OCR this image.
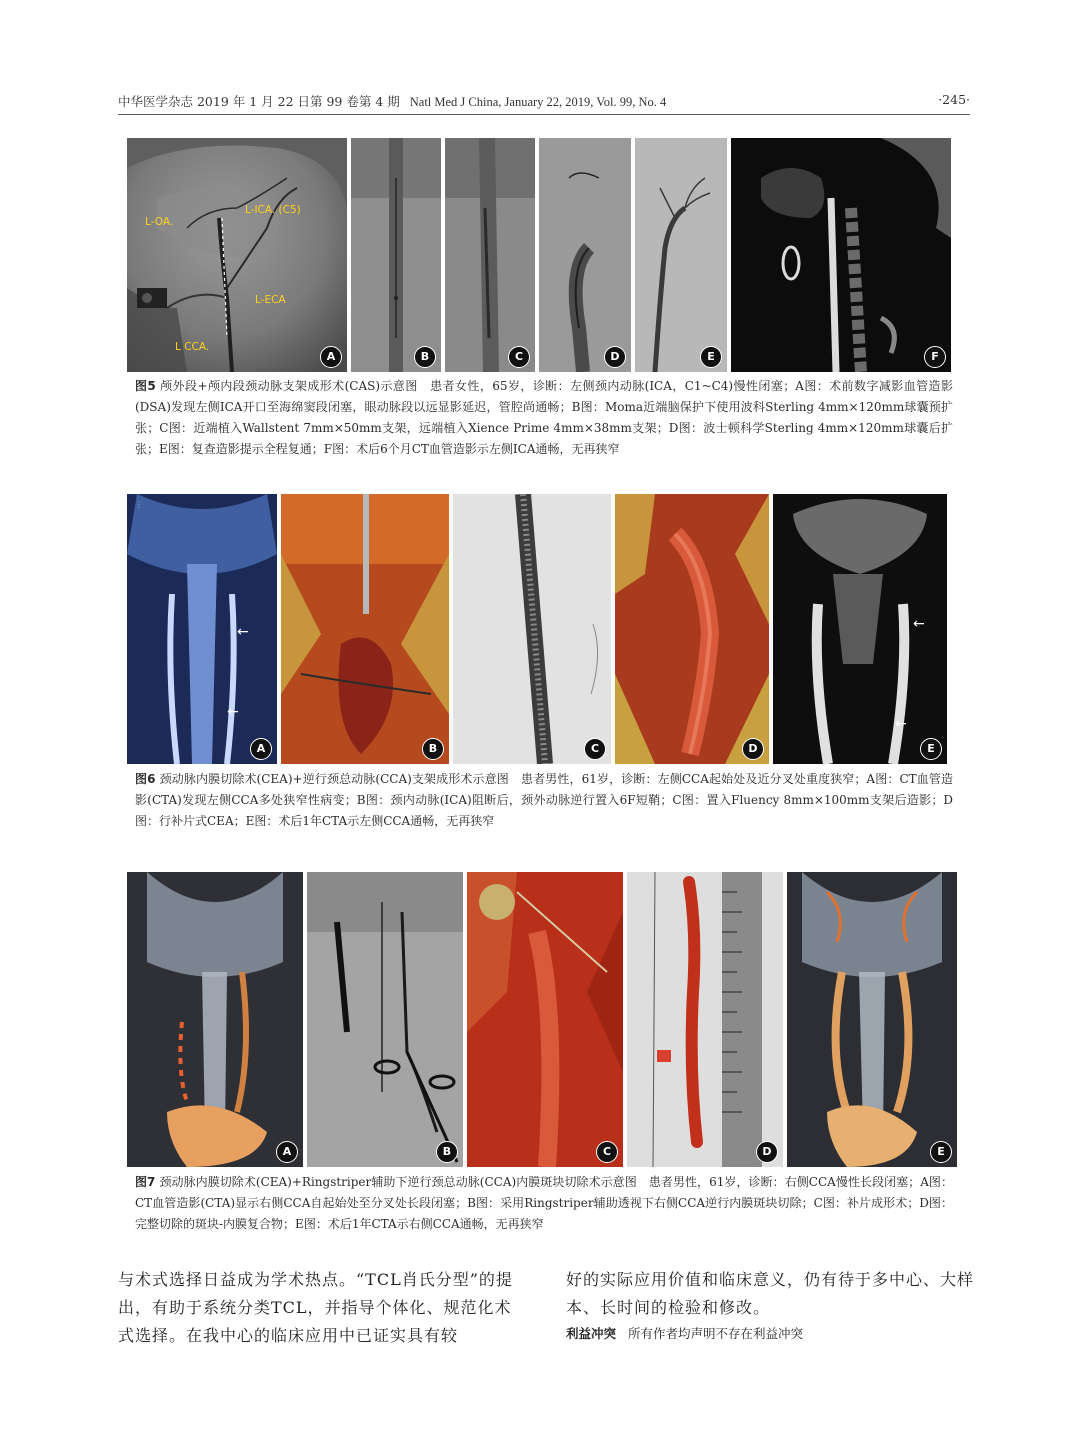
中华医学杂志 2019 年 1 月 22 日第 99 卷第 4 期 Natl Med J China, January 22, 2019, Vol. 99, No. 4	·245·
L-OA.
L-ICA. (C5)
L-ECA
L CCA.
A	B	C	D	E	F
图5 颅外段+颅内段颈动脉支架成形术(CAS)示意图　患者女性，65岁，诊断：左侧颈内动脉(ICA，C1~C4)慢性闭塞；A图：术前数字减影血管造影(DSA)发现左侧ICA开口至海绵窦段闭塞，眼动脉段以远显影延迟，管腔尚通畅；B图：Moma近端脑保护下使用波科Sterling 4mm×120mm球囊预扩张；C图：近端植入Wallstent 7mm×50mm支架，远端植入Xience Prime 4mm×38mm支架；D图：波士顿科学Sterling 4mm×120mm球囊后扩张；E图：复查造影提示全程复通；F图：术后6个月CT血管造影示左侧ICA通畅，无再狭窄
⋮
←
←
A	B	C	D
←
←
E
图6 颈动脉内膜切除术(CEA)+逆行颈总动脉(CCA)支架成形术示意图　患者男性，61岁，诊断：左侧CCA起始处及近分叉处重度狭窄；A图：CT血管造影(CTA)发现左侧CCA多处狭窄性病变；B图：颈内动脉(ICA)阻断后，颈外动脉逆行置入6F短鞘；C图：置入Fluency 8mm×100mm支架后造影；D图：行补片式CEA；E图：术后1年CTA示左侧CCA通畅，无再狭窄
A	B	C	D	E
图7 颈动脉内膜切除术(CEA)+Ringstriper辅助下逆行颈总动脉(CCA)内膜斑块切除术示意图　患者男性，61岁，诊断：右侧CCA慢性长段闭塞；A图：CT血管造影(CTA)显示右侧CCA自起始处至分叉处长段闭塞；B图：采用Ringstriper辅助透视下右侧CCA逆行内膜斑块切除；C图：补片成形术；D图：完整切除的斑块-内膜复合物；E图：术后1年CTA示右侧CCA通畅，无再狭窄
与术式选择日益成为学术热点。“TCL肖氏分型”的提出，有助于系统分类TCL，并指导个体化、规范化术式选择。在我中心的临床应用中已证实具有较
好的实际应用价值和临床意义，仍有待于多中心、大样本、长时间的检验和修改。
利益冲突 所有作者均声明不存在利益冲突
